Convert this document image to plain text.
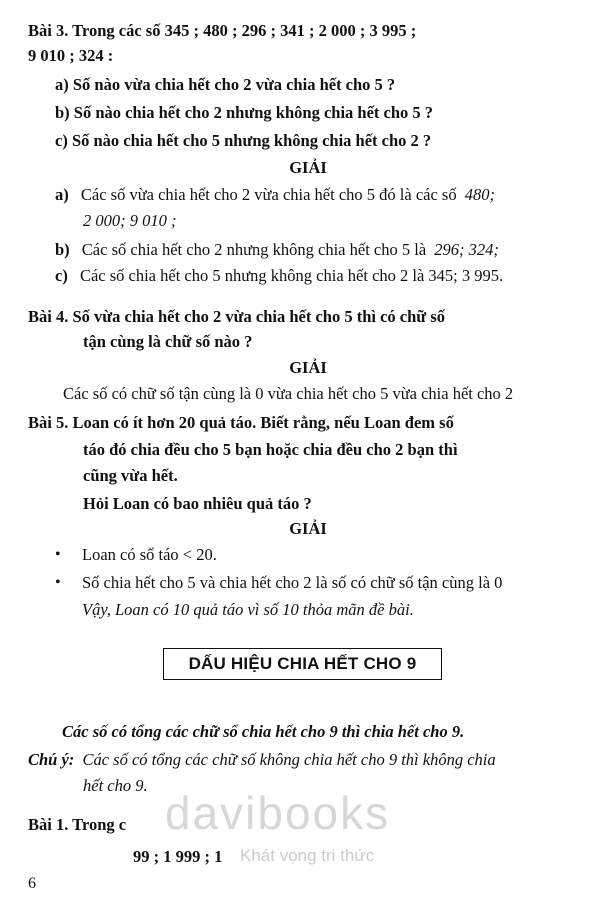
Bài 3. Trong các số 345 ; 480 ; 296 ; 341 ; 2 000 ; 3 995 ;
9 010 ; 324 :
a) Số nào vừa chia hết cho 2 vừa chia hết cho 5 ?
b) Số nào chia hết cho 2 nhưng không chia hết cho 5 ?
c) Số nào chia hết cho 5 nhưng không chia hết cho 2 ?
GIẢI
a) Các số vừa chia hết cho 2 vừa chia hết cho 5 đó là các số 480;
2 000; 9 010 ;
b) Các số chia hết cho 2 nhưng không chia hết cho 5 là 296; 324;
c) Các số chia hết cho 5 nhưng không chia hết cho 2 là 345; 3 995.
Bài 4. Số vừa chia hết cho 2 vừa chia hết cho 5 thì có chữ số
tận cùng là chữ số nào ?
GIẢI
Các số có chữ số tận cùng là 0 vừa chia hết cho 5 vừa chia hết cho 2
Bài 5. Loan có ít hơn 20 quả táo. Biết rằng, nếu Loan đem số
táo đó chia đều cho 5 bạn hoặc chia đều cho 2 bạn thì
cũng vừa hết.
Hỏi Loan có bao nhiêu quả táo ?
GIẢI
• Loan có số táo < 20.
• Số chia hết cho 5 và chia hết cho 2 là số có chữ số tận cùng là 0
Vậy, Loan có 10 quả táo vì số 10 thỏa mãn đề bài.
DẤU HIỆU CHIA HẾT CHO 9
Các số có tổng các chữ số chia hết cho 9 thì chia hết cho 9.
Chú ý: Các số có tổng các chữ số không chia hết cho 9 thì không chia
hết cho 9.
Bài 1. Trong c
99 ; 1 999 ; 1
davibooks
Khát vọng tri thức
6
